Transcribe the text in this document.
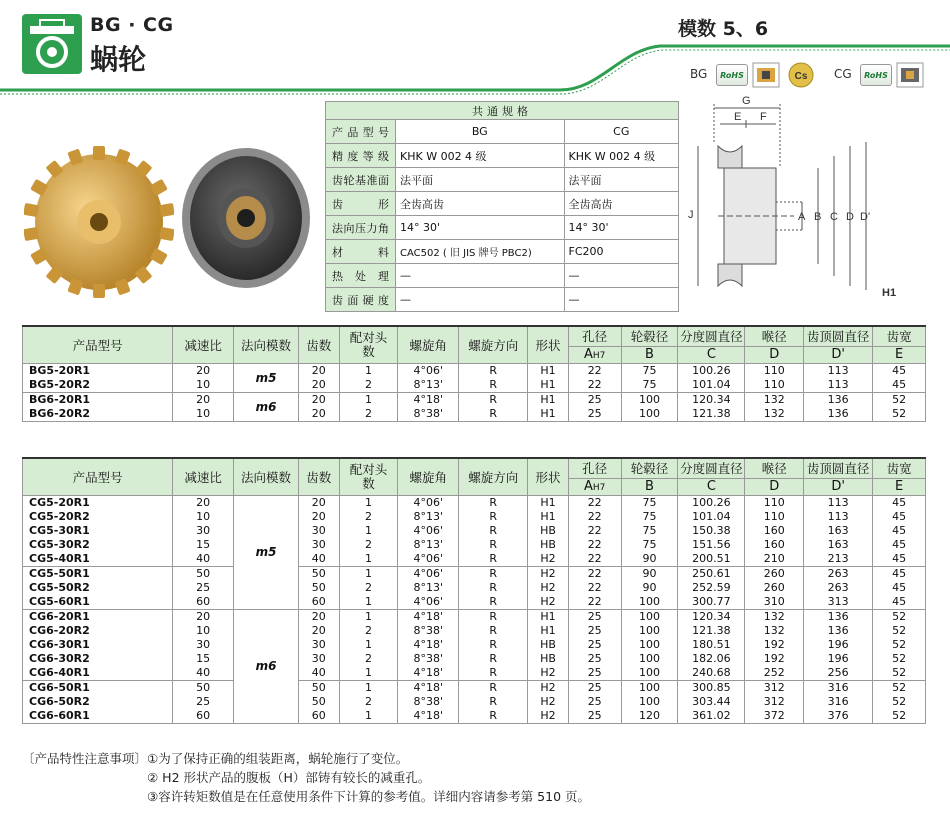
BG · CG
蜗轮
模数 5、6
BG	RoHS	Cs CG	RoHS
共通规格		
产品型号	BG	CG
精度等级	KHK W 002 4 级	KHK W 002 4 级
齿轮基准面	法平面	法平面
齿形	全齿高齿	全齿高齿
法向压力角	14° 30'	14° 30'
材料	CAC502 ( 旧 JIS 牌号 PBC2)	FC200
热处理	—	—
齿面硬度	—	—
G
E F
J	A B C D D'
H1
产品型号	减速比	法向模数	齿数	配对头数	螺旋角	螺旋方向	形状	孔径	轮毂径	分度圆直径	喉径	齿顶圆直径	齿宽
								AH7	B	C	D	D'	E
BG5-20R1	20	m5	20	1	4°06'	R	H1	22	75	100.26	110	113	45
BG5-20R2	10		20	2	8°13'	R	H1	22	75	101.04	110	113	45
BG6-20R1	20	m6	20	1	4°18'	R	H1	25	100	120.34	132	136	52
BG6-20R2	10		20	2	8°38'	R	H1	25	100	121.38	132	136	52
产品型号	减速比	法向模数	齿数	配对头数	螺旋角	螺旋方向	形状	孔径	轮毂径	分度圆直径	喉径	齿顶圆直径	齿宽
								AH7	B	C	D	D'	E
CG5-20R1	20	m5	20	1	4°06'	R	H1	22	75	100.26	110	113	45
CG5-20R2	10		20	2	8°13'	R	H1	22	75	101.04	110	113	45
CG5-30R1	30		30	1	4°06'	R	HB	22	75	150.38	160	163	45
CG5-30R2	15		30	2	8°13'	R	HB	22	75	151.56	160	163	45
CG5-40R1	40		40	1	4°06'	R	H2	22	90	200.51	210	213	45
CG5-50R1	50		50	1	4°06'	R	H2	22	90	250.61	260	263	45
CG5-50R2	25		50	2	8°13'	R	H2	22	90	252.59	260	263	45
CG5-60R1	60		60	1	4°06'	R	H2	22	100	300.77	310	313	45
CG6-20R1	20	m6	20	1	4°18'	R	H1	25	100	120.34	132	136	52
CG6-20R2	10		20	2	8°38'	R	H1	25	100	121.38	132	136	52
CG6-30R1	30		30	1	4°18'	R	HB	25	100	180.51	192	196	52
CG6-30R2	15		30	2	8°38'	R	HB	25	100	182.06	192	196	52
CG6-40R1	40		40	1	4°18'	R	H2	25	100	240.68	252	256	52
CG6-50R1	50		50	1	4°18'	R	H2	25	100	300.85	312	316	52
CG6-50R2	25		50	2	8°38'	R	H2	25	100	303.44	312	316	52
CG6-60R1	60		60	1	4°18'	R	H2	25	120	361.02	372	376	52
〔产品特性注意事项〕 ①为了保持正确的组装距离，蜗轮施行了变位。
② H2 形状产品的腹板（H）部铸有较长的减重孔。
③容许转矩数值是在任意使用条件下计算的参考值。详细内容请参考第 510 页。
